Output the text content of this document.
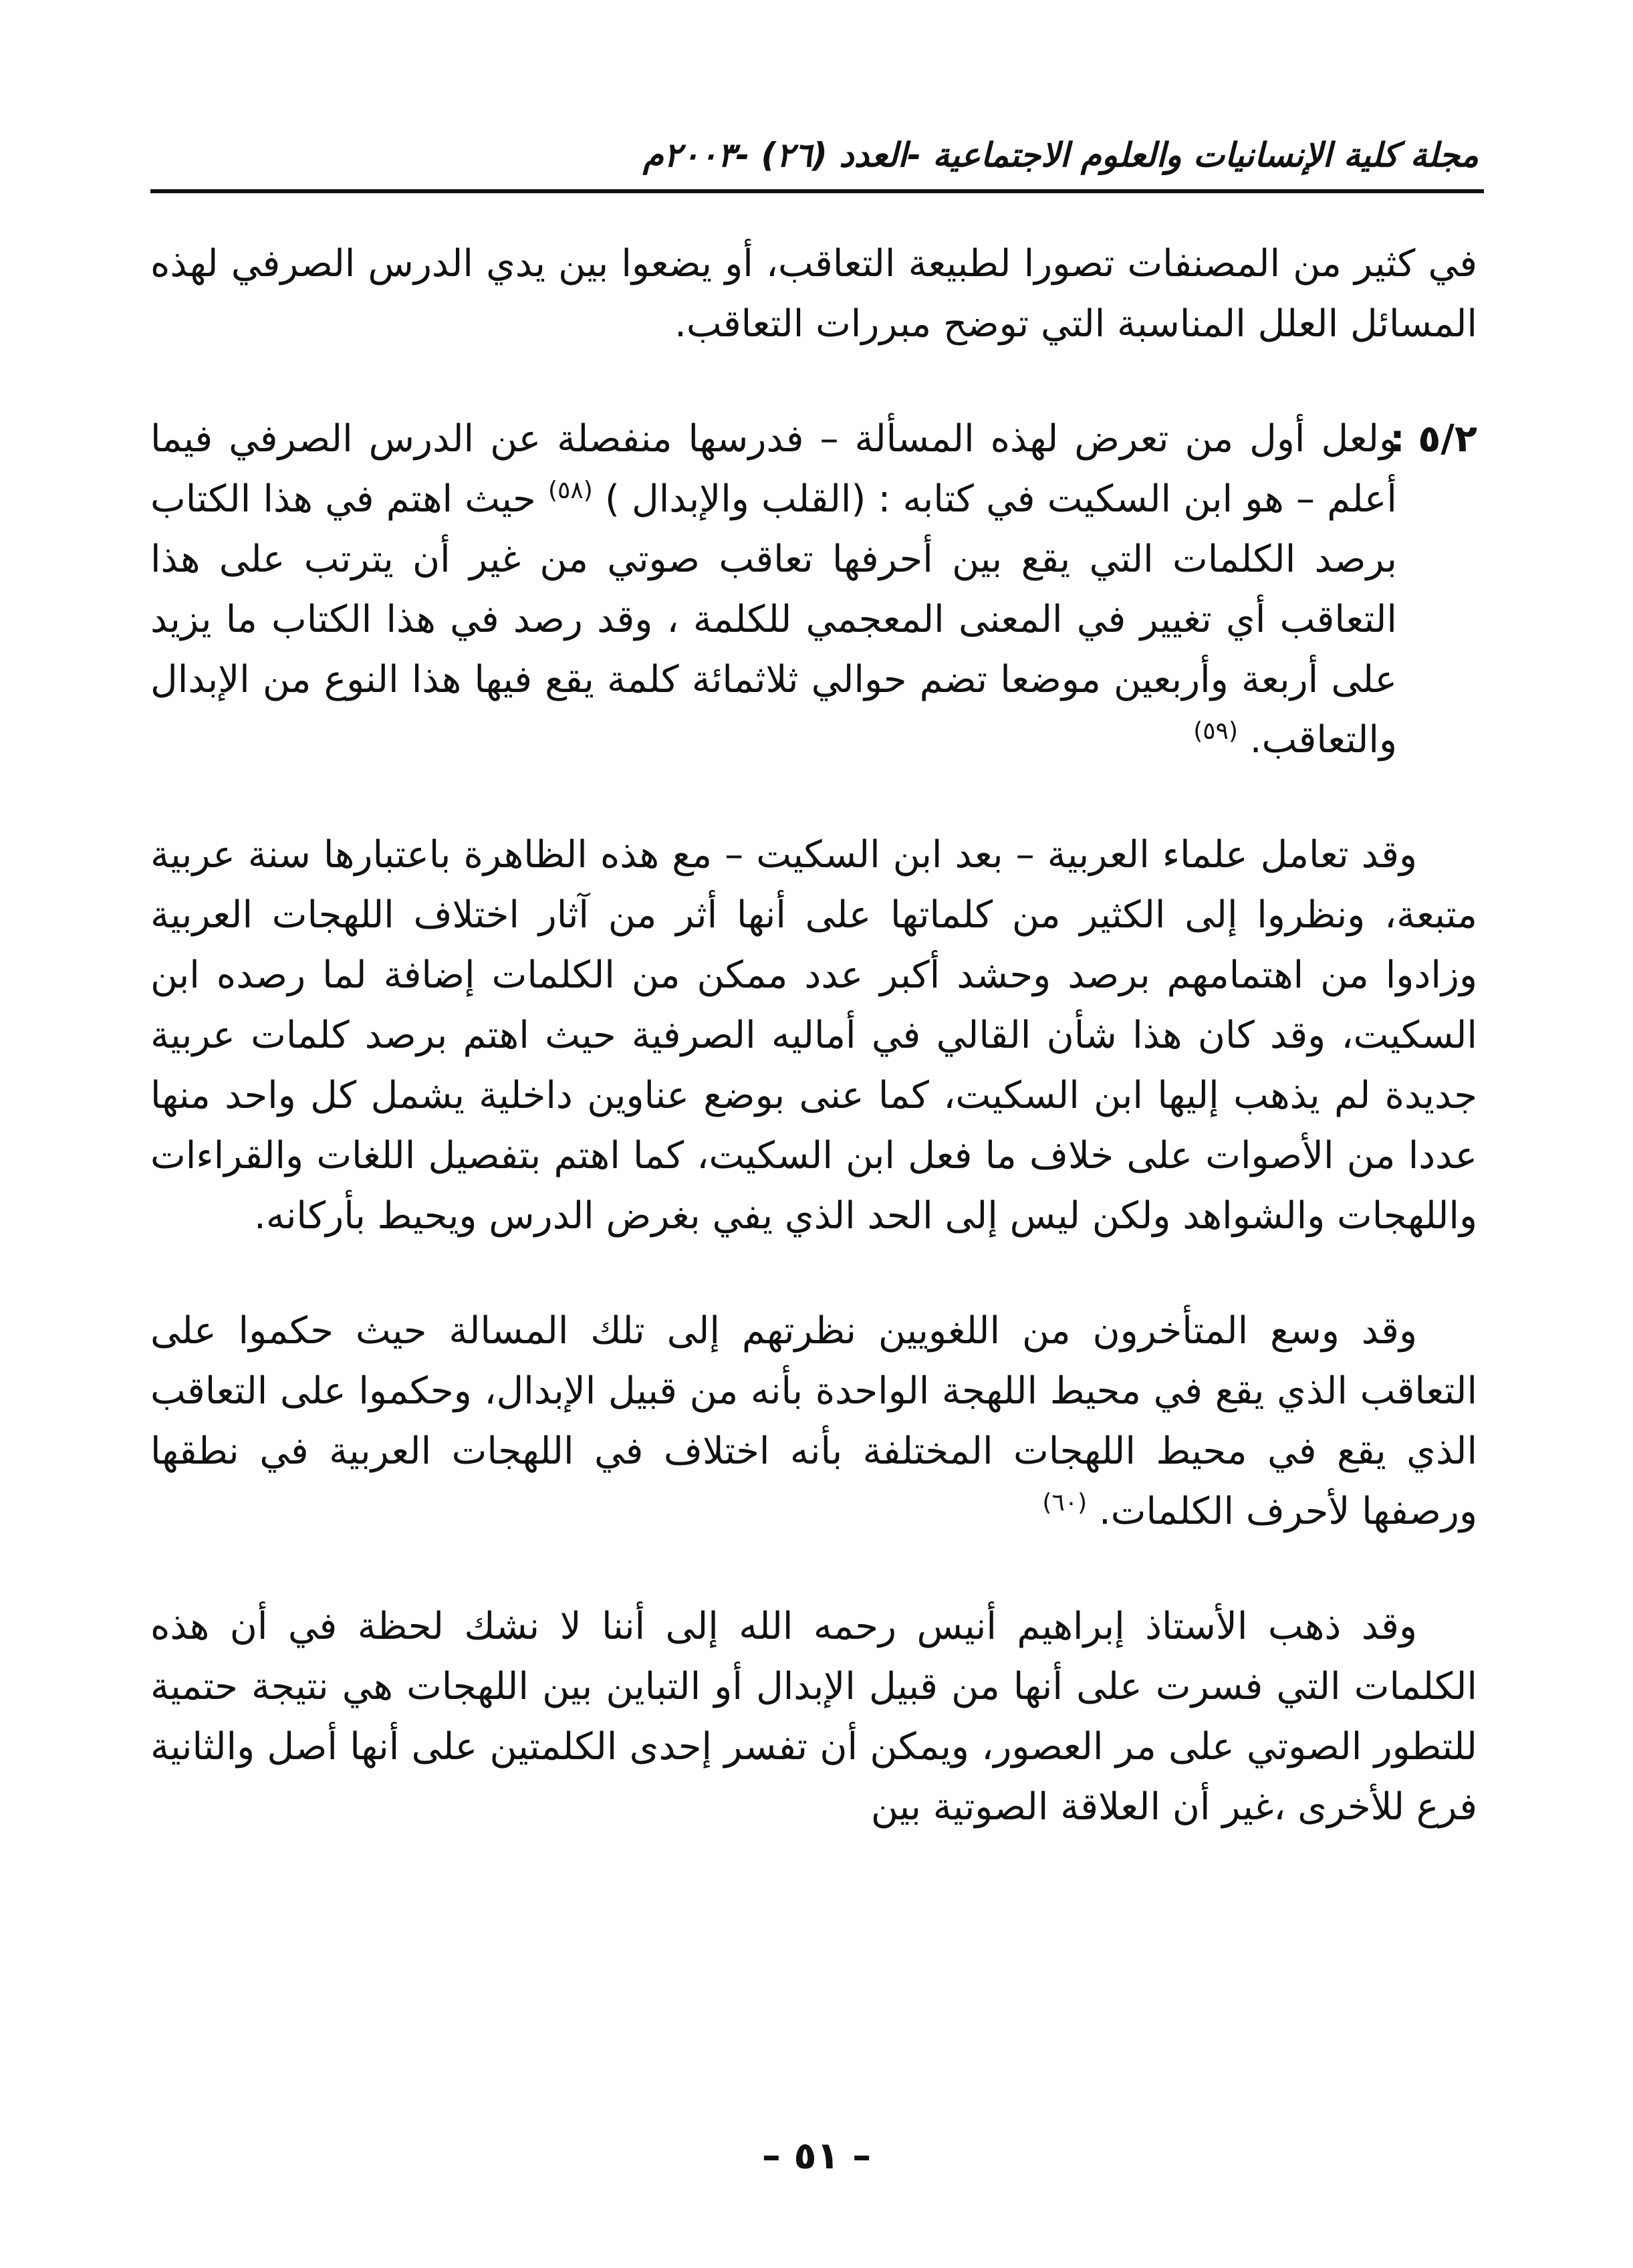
مجلة كلية الإنسانيات والعلوم الاجتماعية -العدد (٢٦) -٢٠٠٣م

في كثير من المصنفات تصورا لطبيعة التعاقب، أو يضعوا بين يدي الدرس الصرفي لهذه المسائل العلل المناسبة التي توضح مبررات التعاقب.

٥/٢ :

ولعل أول من تعرض لهذه المسألة – فدرسها منفصلة عن الدرس الصرفي فيما أعلم – هو ابن السكيت في كتابه : (القلب والإبدال ) $^{(٥٨)}$ حيث اهتم في هذا الكتاب برصد الكلمات التي يقع بين أحرفها تعاقب صوتي من غير أن يترتب على هذا التعاقب أي تغيير في المعنى المعجمي للكلمة ، وقد رصد في هذا الكتاب ما يزيد على أربعة وأربعين موضعا تضم حوالي ثلاثمائة كلمة يقع فيها هذا النوع من الإبدال والتعاقب. $^{(٥٩)}$

وقد تعامل علماء العربية – بعد ابن السكيت – مع هذه الظاهرة باعتبارها سنة عربية متبعة، ونظروا إلى الكثير من كلماتها على أنها أثر من آثار اختلاف اللهجات العربية وزادوا من اهتمامهم برصد وحشد أكبر عدد ممكن من الكلمات إضافة لما رصده ابن السكيت، وقد كان هذا شأن القالي في أماليه الصرفية حيث اهتم برصد كلمات عربية جديدة لم يذهب إليها ابن السكيت، كما عنى بوضع عناوين داخلية يشمل كل واحد منها عددا من الأصوات على خلاف ما فعل ابن السكيت، كما اهتم بتفصيل اللغات والقراءات واللهجات والشواهد ولكن ليس إلى الحد الذي يفي بغرض الدرس ويحيط بأركانه.

وقد وسع المتأخرون من اللغويين نظرتهم إلى تلك المسالة حيث حكموا على التعاقب الذي يقع في محيط اللهجة الواحدة بأنه من قبيل الإبدال، وحكموا على التعاقب الذي يقع في محيط اللهجات المختلفة بأنه اختلاف في اللهجات العربية في نطقها ورصفها لأحرف الكلمات. $^{(٦٠)}$

وقد ذهب الأستاذ إبراهيم أنيس رحمه الله إلى أننا لا نشك لحظة في أن هذه الكلمات التي فسرت على أنها من قبيل الإبدال أو التباين بين اللهجات هي نتيجة حتمية للتطور الصوتي على مر العصور، ويمكن أن تفسر إحدى الكلمتين على أنها أصل والثانية فرع للأخرى ،غير أن العلاقة الصوتية بين

– ٥١ –
